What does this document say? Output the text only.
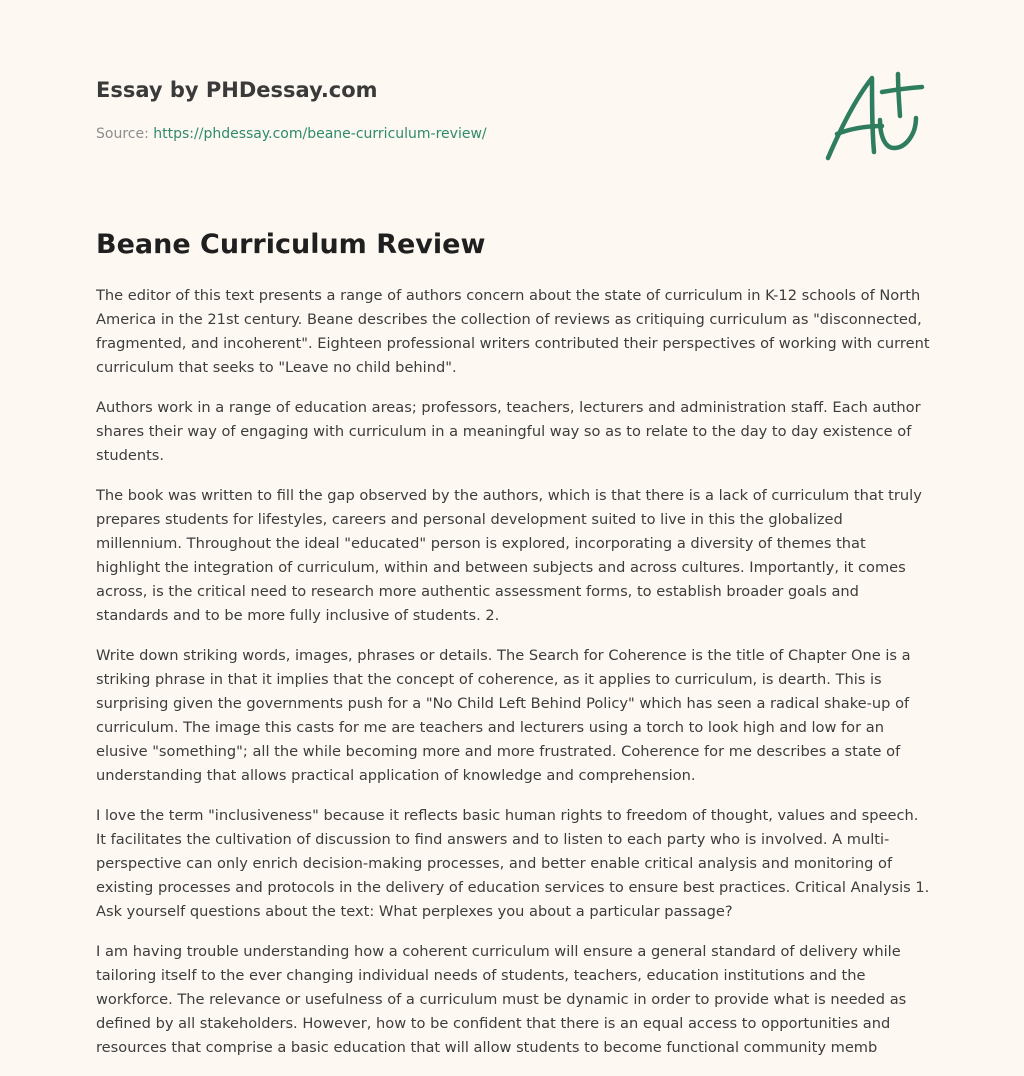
Essay by PHDessay.com
Source: https://phdessay.com/beane-curriculum-review/
Beane Curriculum Review

The editor of this text presents a range of authors concern about the state of curriculum in K-12 schools of North America in the 21st century. Beane describes the collection of reviews as critiquing curriculum as "disconnected, fragmented, and incoherent". Eighteen professional writers contributed their perspectives of working with current curriculum that seeks to "Leave no child behind".

Authors work in a range of education areas; professors, teachers, lecturers and administration staff. Each author shares their way of engaging with curriculum in a meaningful way so as to relate to the day to day existence of students.

The book was written to fill the gap observed by the authors, which is that there is a lack of curriculum that truly prepares students for lifestyles, careers and personal development suited to live in this the globalized millennium. Throughout the ideal "educated" person is explored, incorporating a diversity of themes that highlight the integration of curriculum, within and between subjects and across cultures. Importantly, it comes across, is the critical need to research more authentic assessment forms, to establish broader goals and standards and to be more fully inclusive of students. 2.

Write down striking words, images, phrases or details. The Search for Coherence is the title of Chapter One is a striking phrase in that it implies that the concept of coherence, as it applies to curriculum, is dearth. This is surprising given the governments push for a "No Child Left Behind Policy" which has seen a radical shake-up of curriculum. The image this casts for me are teachers and lecturers using a torch to look high and low for an elusive "something"; all the while becoming more and more frustrated. Coherence for me describes a state of understanding that allows practical application of knowledge and comprehension.

I love the term "inclusiveness" because it reflects basic human rights to freedom of thought, values and speech. It facilitates the cultivation of discussion to find answers and to listen to each party who is involved. A multi-perspective can only enrich decision-making processes, and better enable critical analysis and monitoring of existing processes and protocols in the delivery of education services to ensure best practices. Critical Analysis 1. Ask yourself questions about the text: What perplexes you about a particular passage?

I am having trouble understanding how a coherent curriculum will ensure a general standard of delivery while tailoring itself to the ever changing individual needs of students, teachers, education institutions and the workforce. The relevance or usefulness of a curriculum must be dynamic in order to provide what is needed as defined by all stakeholders. However, how to be confident that there is an equal access to opportunities and resources that comprise a basic education that will allow students to become functional community memb
